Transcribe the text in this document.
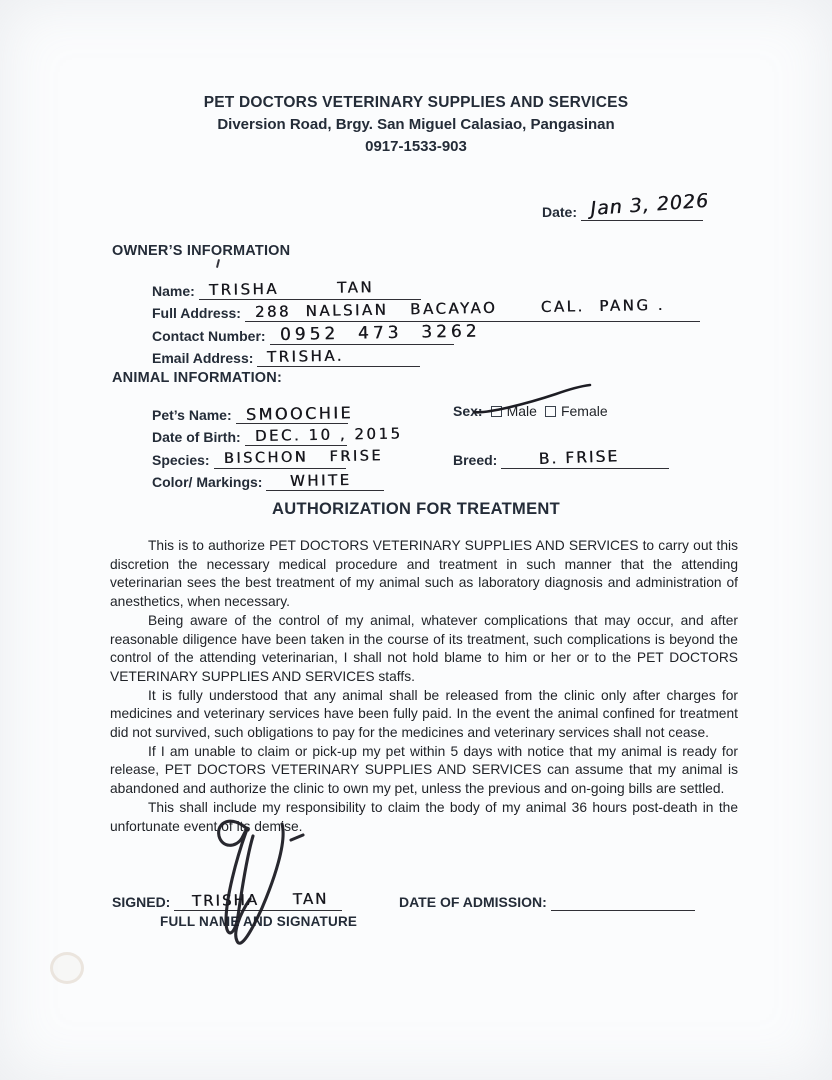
PET DOCTORS VETERINARY SUPPLIES AND SERVICES
Diversion Road, Brgy. San Miguel Calasiao, Pangasinan
0917-1533-903
Date: Jan 3, 2026
OWNER’S INFORMATION
Name: TRISHA        TAN
Full Address: 288  NALSIAN   BACAYAO      CAL.  PANG .
Contact Number: 0952  473  3262
Email Address: TRISHA.
ANIMAL INFORMATION:
Pet’s Name: SMOOCHIE
Date of Birth: DEC. 10 , 2015
Species: BISCHON   FRISE
Color/ Markings: WHITE
Sex: Male Female
Breed:	B. FRISE
AUTHORIZATION FOR TREATMENT

This is to authorize PET DOCTORS VETERINARY SUPPLIES AND SERVICES to carry out this discretion the necessary medical procedure and treatment in such manner that the attending veterinarian sees the best treatment of my animal such as laboratory diagnosis and administration of anesthetics, when necessary.

Being aware of the control of my animal, whatever complications that may occur, and after reasonable diligence have been taken in the course of its treatment, such complications is beyond the control of the attending veterinarian, I shall not hold blame to him or her or to the PET DOCTORS VETERINARY SUPPLIES AND SERVICES staffs.

It is fully understood that any animal shall be released from the clinic only after charges for medicines and veterinary services have been fully paid. In the event the animal confined for treatment did not survived, such obligations to pay for the medicines and veterinary services shall not cease.

If I am unable to claim or pick-up my pet within 5 days with notice that my animal is ready for release, PET DOCTORS VETERINARY SUPPLIES AND SERVICES can assume that my animal is abandoned and authorize the clinic to own my pet, unless the previous and on-going bills are settled.

This shall include my responsibility to claim the body of my animal 36 hours post-death in the unfortunate event of its demise.

SIGNED: TRISHA     TAN
FULL NAME AND SIGNATURE
DATE OF ADMISSION:
